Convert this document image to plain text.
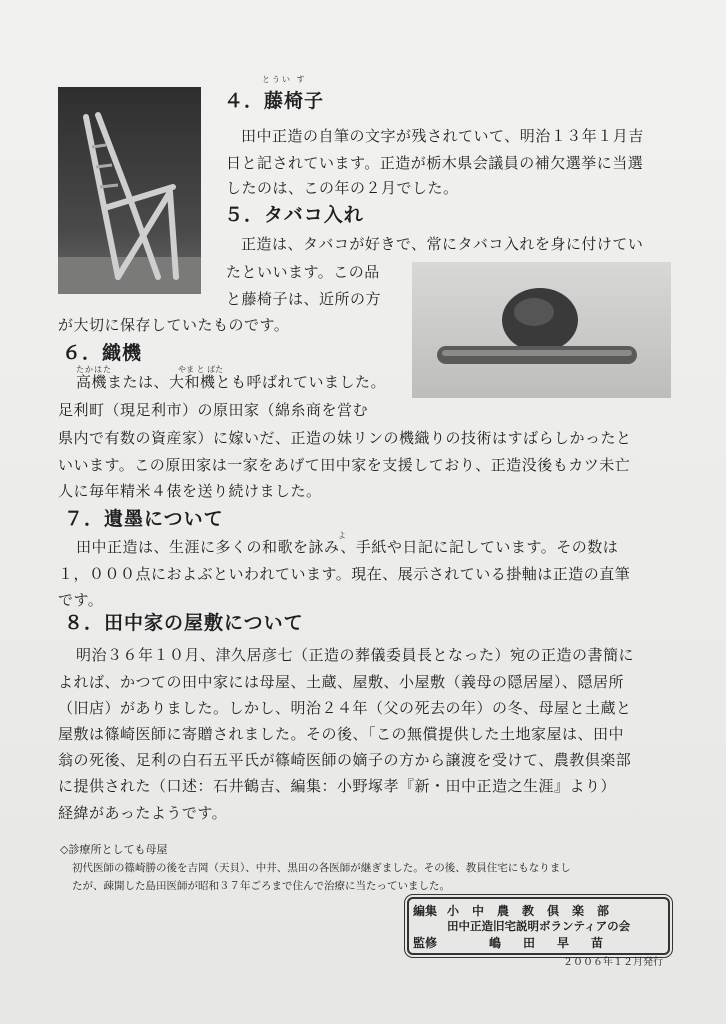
とうい す
４．藤椅子
田中正造の自筆の文字が残されていて、明治１３年１月吉
日と記されています。正造が栃木県会議員の補欠選挙に当選
したのは、この年の２月でした。
５．タバコ入れ
正造は、タバコが好きで、常にタバコ入れを身に付けてい
たといいます。この品
と藤椅子は、近所の方
が大切に保存していたものです。
６．織機
たかはた	やま と ばた
高機または、大和機とも呼ばれていました。
足利町（現足利市）の原田家（綿糸商を営む
県内で有数の資産家）に嫁いだ、正造の妹リンの機織りの技術はすばらしかったと
いいます。この原田家は一家をあげて田中家を支援しており、正造没後もカツ未亡
人に毎年精米４俵を送り続けました。
７．遺墨について
よ
田中正造は、生涯に多くの和歌を詠み、手紙や日記に記しています。その数は
１，０００点におよぶといわれています。現在、展示されている掛軸は正造の直筆
です。
８．田中家の屋敷について
明治３６年１０月、津久居彦七（正造の葬儀委員長となった）宛の正造の書簡に
よれば、かつての田中家には母屋、土蔵、屋敷、小屋敷（義母の隠居屋）、隠居所
（旧店）がありました。しかし、明治２４年（父の死去の年）の冬、母屋と土蔵と
屋敷は篠崎医師に寄贈されました。その後、「この無償提供した土地家屋は、田中
翁の死後、足利の白石五平氏が篠崎医師の嫡子の方から譲渡を受けて、農教倶楽部
に提供された（口述：石井鶴吉、編集：小野塚孝『新・田中正造之生涯』より）
経緯があったようです。
◇診療所としても母屋
初代医師の篠崎勝の後を吉岡（天貝）、中井、黒田の各医師が継ぎました。その後、教員住宅にもなりまし
たが、疎開した島田医師が昭和３７年ごろまで住んで治療に当たっていました。
編集 小中農教倶楽部
田中正造旧宅説明ボランティアの会
監修	嶋田早苗
２００６年１２月発行
